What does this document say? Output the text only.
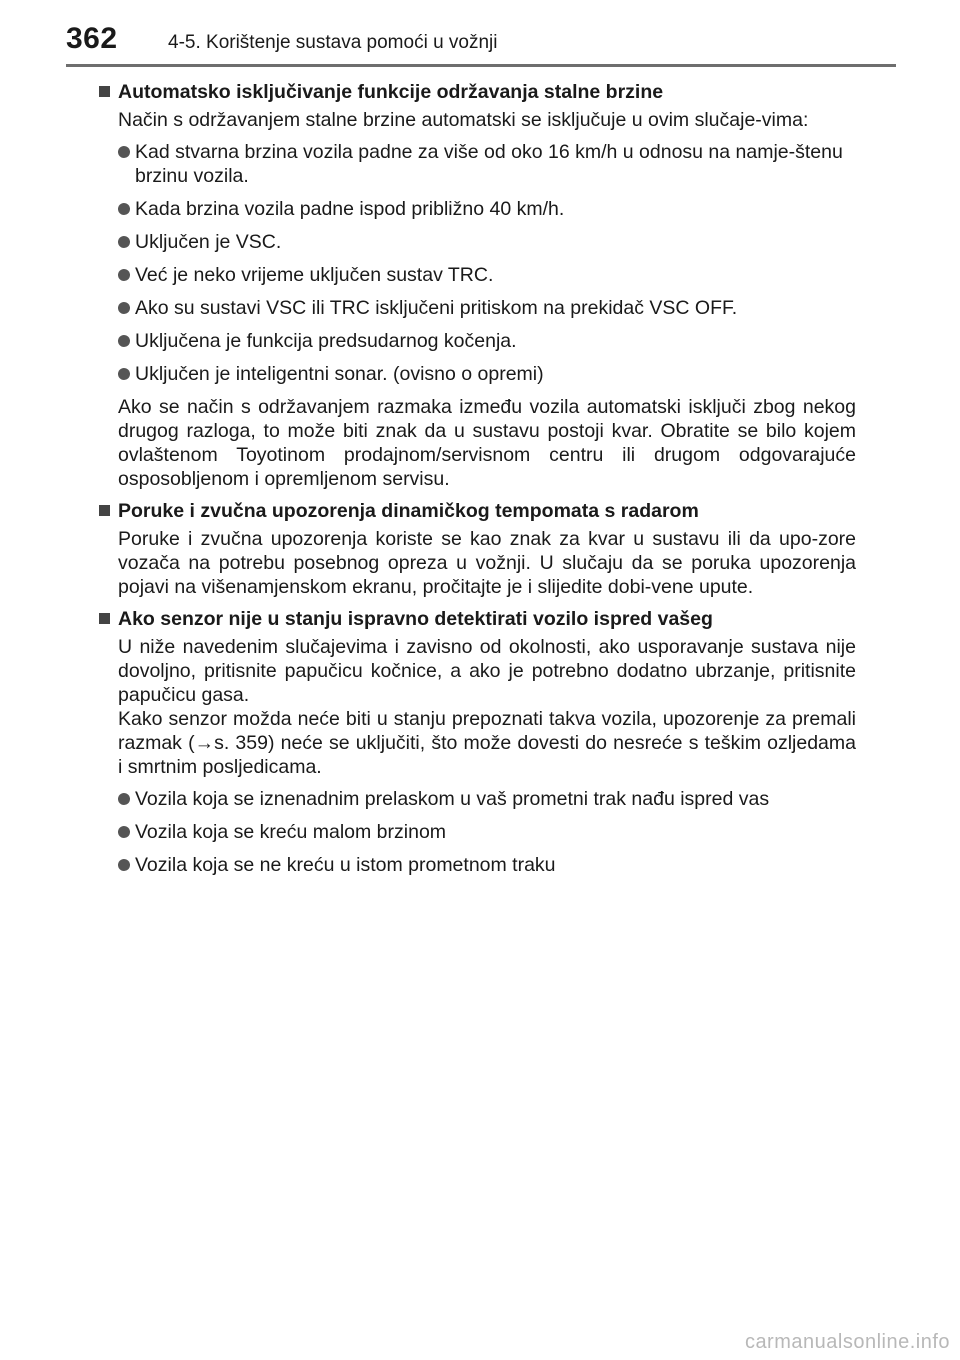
362	4-5. Korištenje sustava pomoći u vožnji
Automatsko isključivanje funkcije održavanja stalne brzine
Način s održavanjem stalne brzine automatski se isključuje u ovim slučaje-vima:
Kad stvarna brzina vozila padne za više od oko 16 km/h u odnosu na namje-štenu brzinu vozila.
Kada brzina vozila padne ispod približno 40 km/h.
Uključen je VSC.
Već je neko vrijeme uključen sustav TRC.
Ako su sustavi VSC ili TRC isključeni pritiskom na prekidač VSC OFF.
Uključena je funkcija predsudarnog kočenja.
Uključen je inteligentni sonar. (ovisno o opremi)
Ako se način s održavanjem razmaka između vozila automatski isključi zbog nekog drugog razloga, to može biti znak da u sustavu postoji kvar. Obratite se bilo kojem ovlaštenom Toyotinom prodajnom/servisnom centru ili drugom odgovarajuće osposobljenom i opremljenom servisu.
Poruke i zvučna upozorenja dinamičkog tempomata s radarom
Poruke i zvučna upozorenja koriste se kao znak za kvar u sustavu ili da upo-zore vozača na potrebu posebnog opreza u vožnji. U slučaju da se poruka upozorenja pojavi na višenamjenskom ekranu, pročitajte je i slijedite dobi-vene upute.
Ako senzor nije u stanju ispravno detektirati vozilo ispred vašeg
U niže navedenim slučajevima i zavisno od okolnosti, ako usporavanje sustava nije dovoljno, pritisnite papučicu kočnice, a ako je potrebno dodatno ubrzanje, pritisnite papučicu gasa.
Kako senzor možda neće biti u stanju prepoznati takva vozila, upozorenje za premali razmak (→s. 359) neće se uključiti, što može dovesti do nesreće s teškim ozljedama i smrtnim posljedicama.
Vozila koja se iznenadnim prelaskom u vaš prometni trak nađu ispred vas
Vozila koja se kreću malom brzinom
Vozila koja se ne kreću u istom prometnom traku
carmanualsonline.info
